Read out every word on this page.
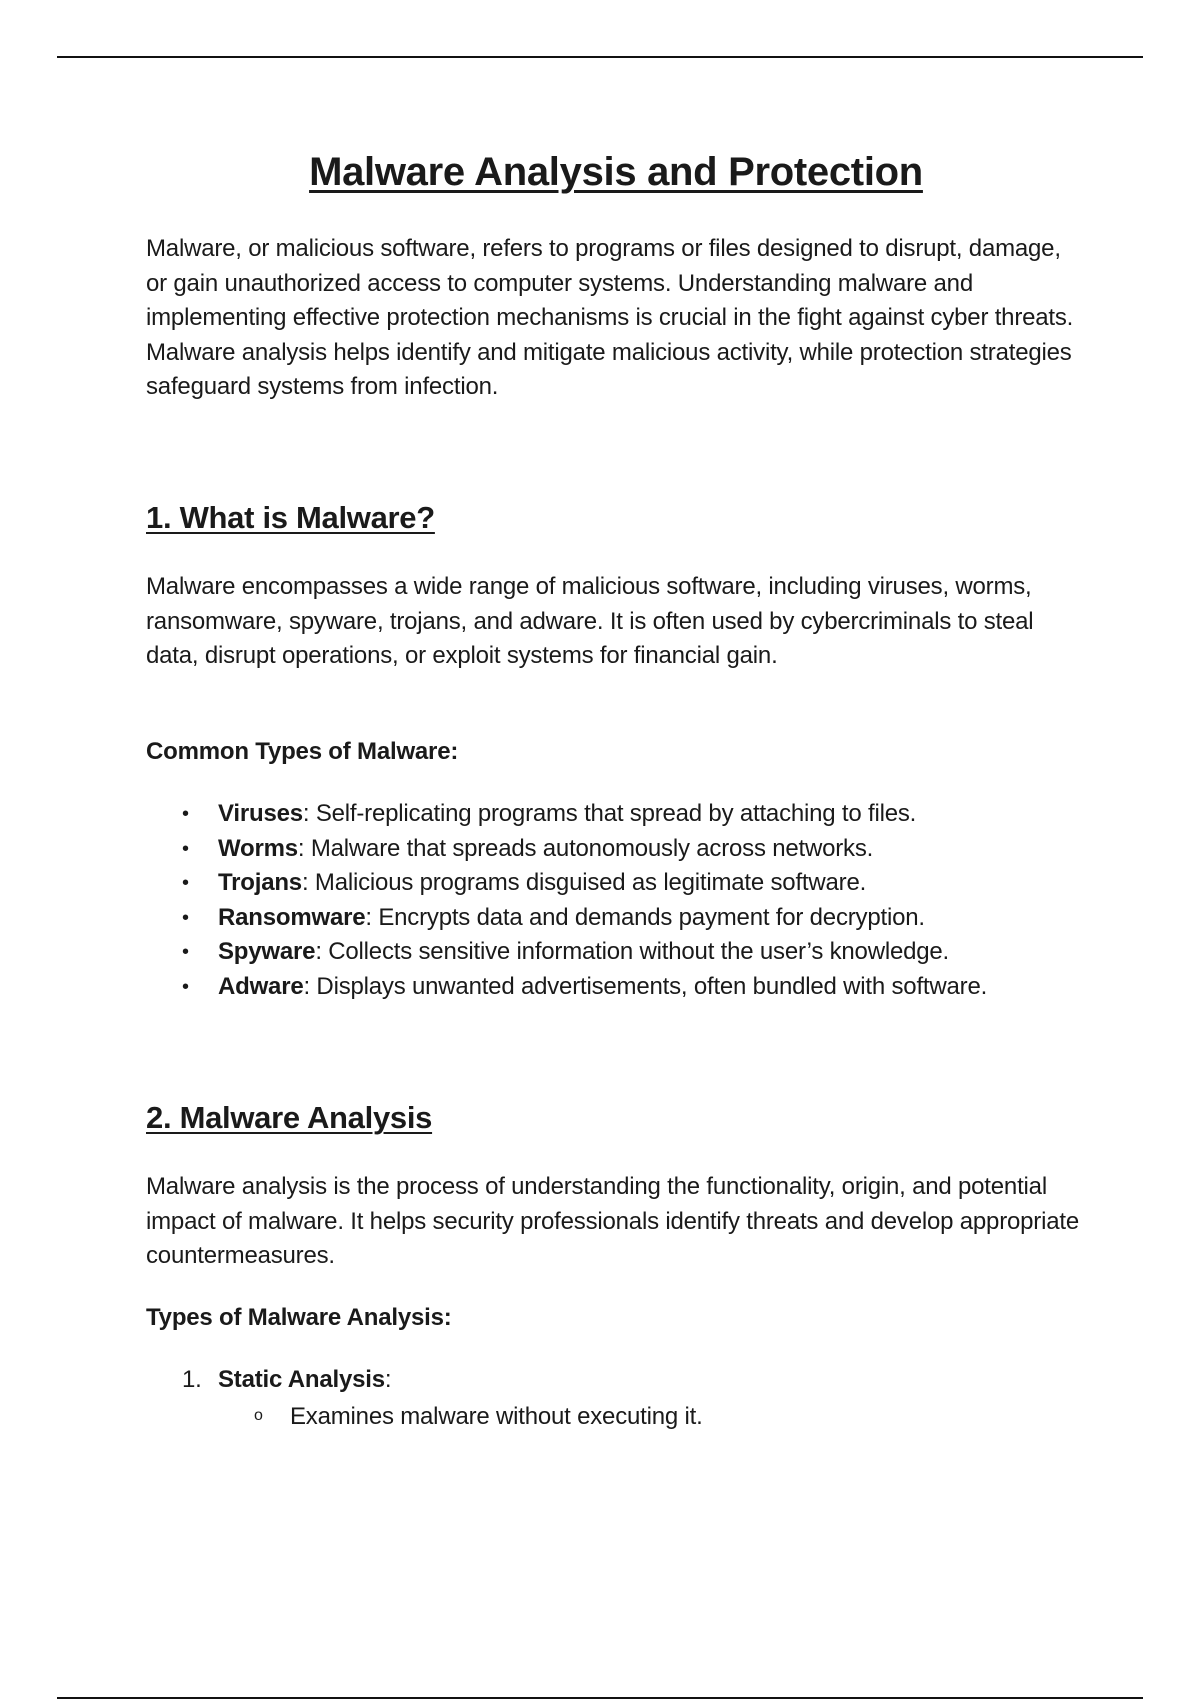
Malware Analysis and Protection

Malware, or malicious software, refers to programs or files designed to disrupt, damage, or gain unauthorized access to computer systems. Understanding malware and implementing effective protection mechanisms is crucial in the fight against cyber threats. Malware analysis helps identify and mitigate malicious activity, while protection strategies safeguard systems from infection.

1. What is Malware?

Malware encompasses a wide range of malicious software, including viruses, worms, ransomware, spyware, trojans, and adware. It is often used by cybercriminals to steal data, disrupt operations, or exploit systems for financial gain.

Common Types of Malware:
• Viruses: Self-replicating programs that spread by attaching to files.
• Worms: Malware that spreads autonomously across networks.
• Trojans: Malicious programs disguised as legitimate software.
• Ransomware: Encrypts data and demands payment for decryption.
• Spyware: Collects sensitive information without the user’s knowledge.
• Adware: Displays unwanted advertisements, often bundled with software.
2. Malware Analysis

Malware analysis is the process of understanding the functionality, origin, and potential impact of malware. It helps security professionals identify threats and develop appropriate countermeasures.

Types of Malware Analysis:
1. Static Analysis:
o Examines malware without executing it.
